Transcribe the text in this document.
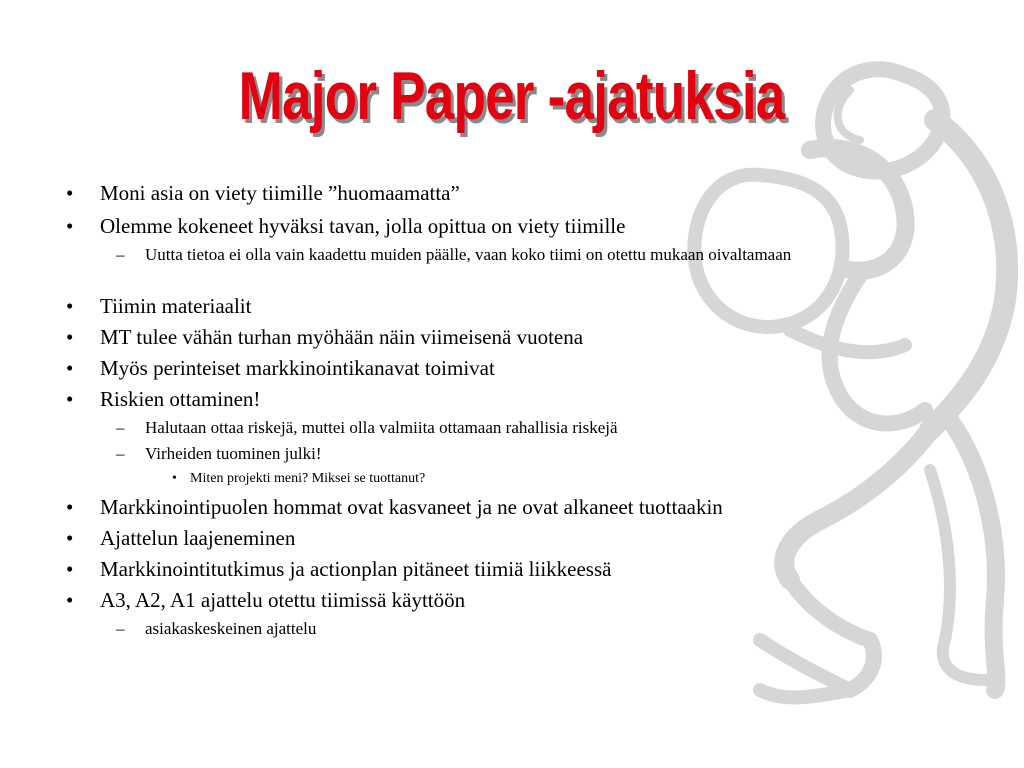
Major Paper -ajatuksia
• Moni asia on viety tiimille ”huomaamatta”
• Olemme kokeneet hyväksi tavan, jolla opittua on viety tiimille
– Uutta tietoa ei olla vain kaadettu muiden päälle, vaan koko tiimi on otettu mukaan oivaltamaan
• Tiimin materiaalit
• MT tulee vähän turhan myöhään näin viimeisenä vuotena
• Myös perinteiset markkinointikanavat toimivat
• Riskien ottaminen!
– Halutaan ottaa riskejä, muttei olla valmiita ottamaan rahallisia riskejä
– Virheiden tuominen julki!
• Miten projekti meni? Miksei se tuottanut?
• Markkinointipuolen hommat ovat kasvaneet ja ne ovat alkaneet tuottaakin
• Ajattelun laajeneminen
• Markkinointitutkimus ja actionplan pitäneet tiimiä liikkeessä
• A3, A2, A1 ajattelu otettu tiimissä käyttöön
– asiakaskeskeinen ajattelu
